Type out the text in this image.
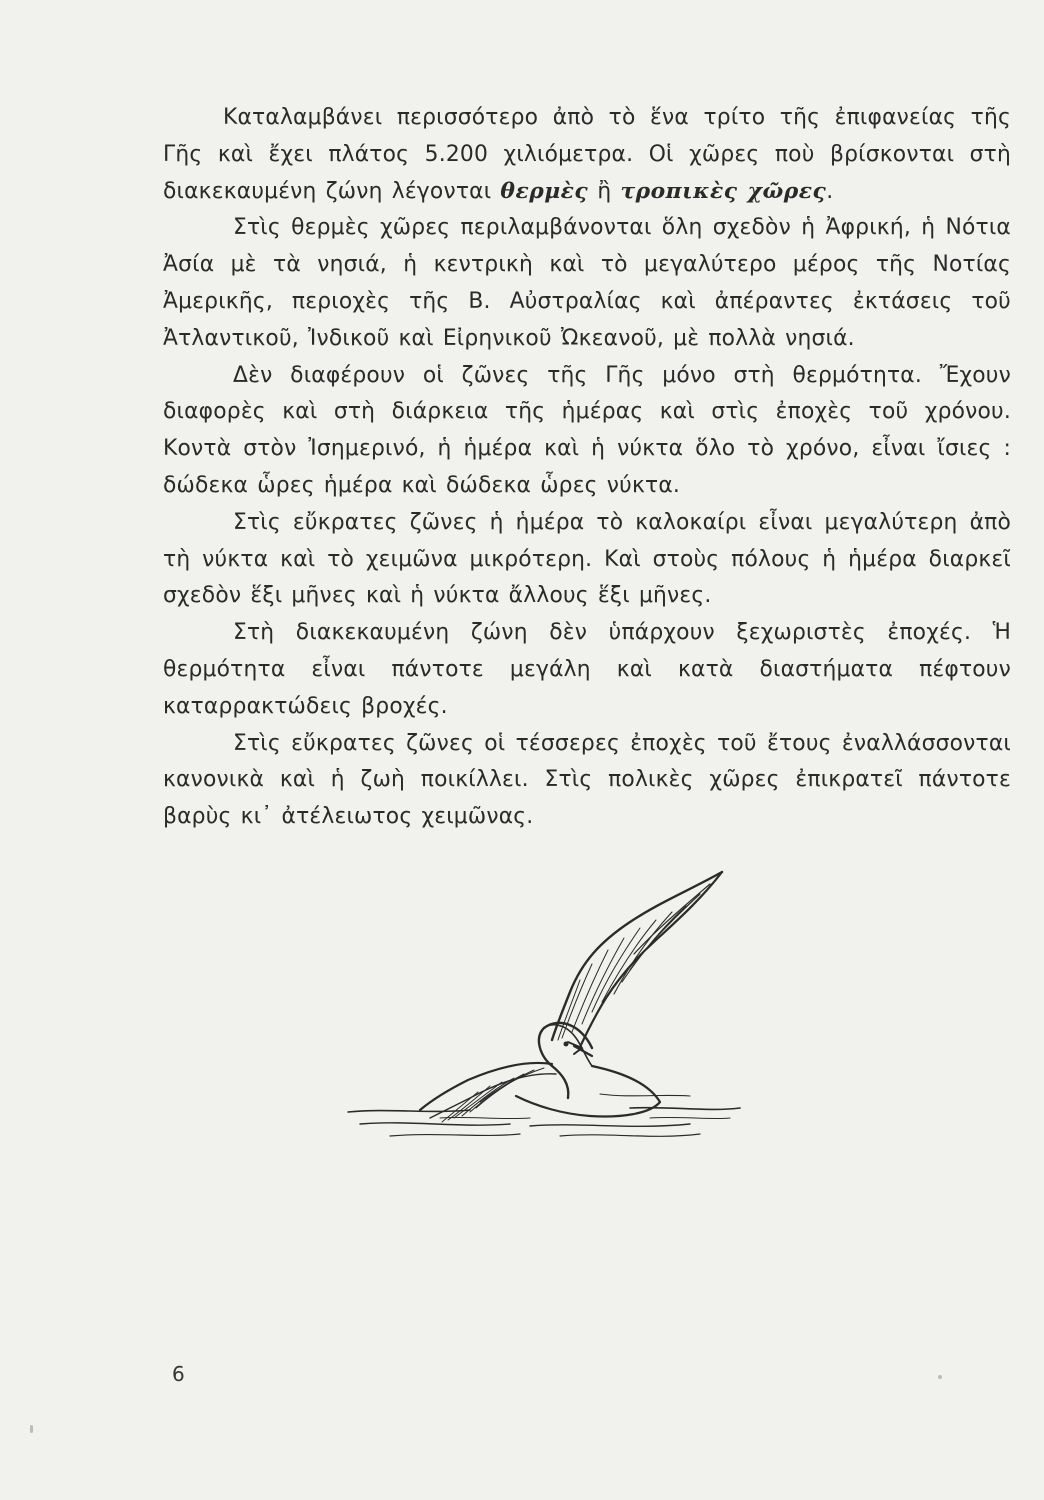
Καταλαμβάνει περισσότερο ἀπὸ τὸ ἕνα τρίτο τῆς ἐπιφανείας τῆς Γῆς καὶ ἔχει πλάτος 5.200 χιλιόμετρα. Οἱ χῶρες ποὺ βρίσκονται στὴ διακεκαυμένη ζώνη λέγονται θερμὲς ἢ τροπικὲς χῶρες.

Στὶς θερμὲς χῶρες περιλαμβάνονται ὅλη σχεδὸν ἡ Ἀφρική, ἡ Νότια Ἀσία μὲ τὰ νησιά, ἡ κεντρικὴ καὶ τὸ μεγαλύτερο μέρος τῆς Νοτίας Ἀμερικῆς, περιοχὲς τῆς Β. Αὐστραλίας καὶ ἀπέραντες ἐκτάσεις τοῦ Ἀτλαντικοῦ, Ἰνδικοῦ καὶ Εἰρηνικοῦ Ὠκεανοῦ, μὲ πολλὰ νησιά.

Δὲν διαφέρουν οἱ ζῶνες τῆς Γῆς μόνο στὴ θερμότητα. Ἔχουν διαφορὲς καὶ στὴ διάρκεια τῆς ἡμέρας καὶ στὶς ἐποχὲς τοῦ χρόνου. Κοντὰ στὸν Ἰσημερινό, ἡ ἡμέρα καὶ ἡ νύκτα ὅλο τὸ χρόνο, εἶναι ἴσιες : δώδεκα ὧρες ἡμέρα καὶ δώδεκα ὧρες νύκτα.

Στὶς εὔκρατες ζῶνες ἡ ἡμέρα τὸ καλοκαίρι εἶναι μεγαλύτερη ἀπὸ τὴ νύκτα καὶ τὸ χειμῶνα μικρότερη. Καὶ στοὺς πόλους ἡ ἡμέρα διαρκεῖ σχεδὸν ἕξι μῆνες καὶ ἡ νύκτα ἄλλους ἕξι μῆνες.

Στὴ διακεκαυμένη ζώνη δὲν ὑπάρχουν ξεχωριστὲς ἐποχές. Ἡ θερμότητα εἶναι πάντοτε μεγάλη καὶ κατὰ διαστήματα πέφτουν καταρρακτώδεις βροχές.

Στὶς εὔκρατες ζῶνες οἱ τέσσερες ἐποχὲς τοῦ ἔτους ἐναλλάσσονται κανονικὰ καὶ ἡ ζωὴ ποικίλλει. Στὶς πολικὲς χῶρες ἐπικρατεῖ πάντοτε βαρὺς κι᾿ ἀτέλειωτος χειμῶνας.

6
